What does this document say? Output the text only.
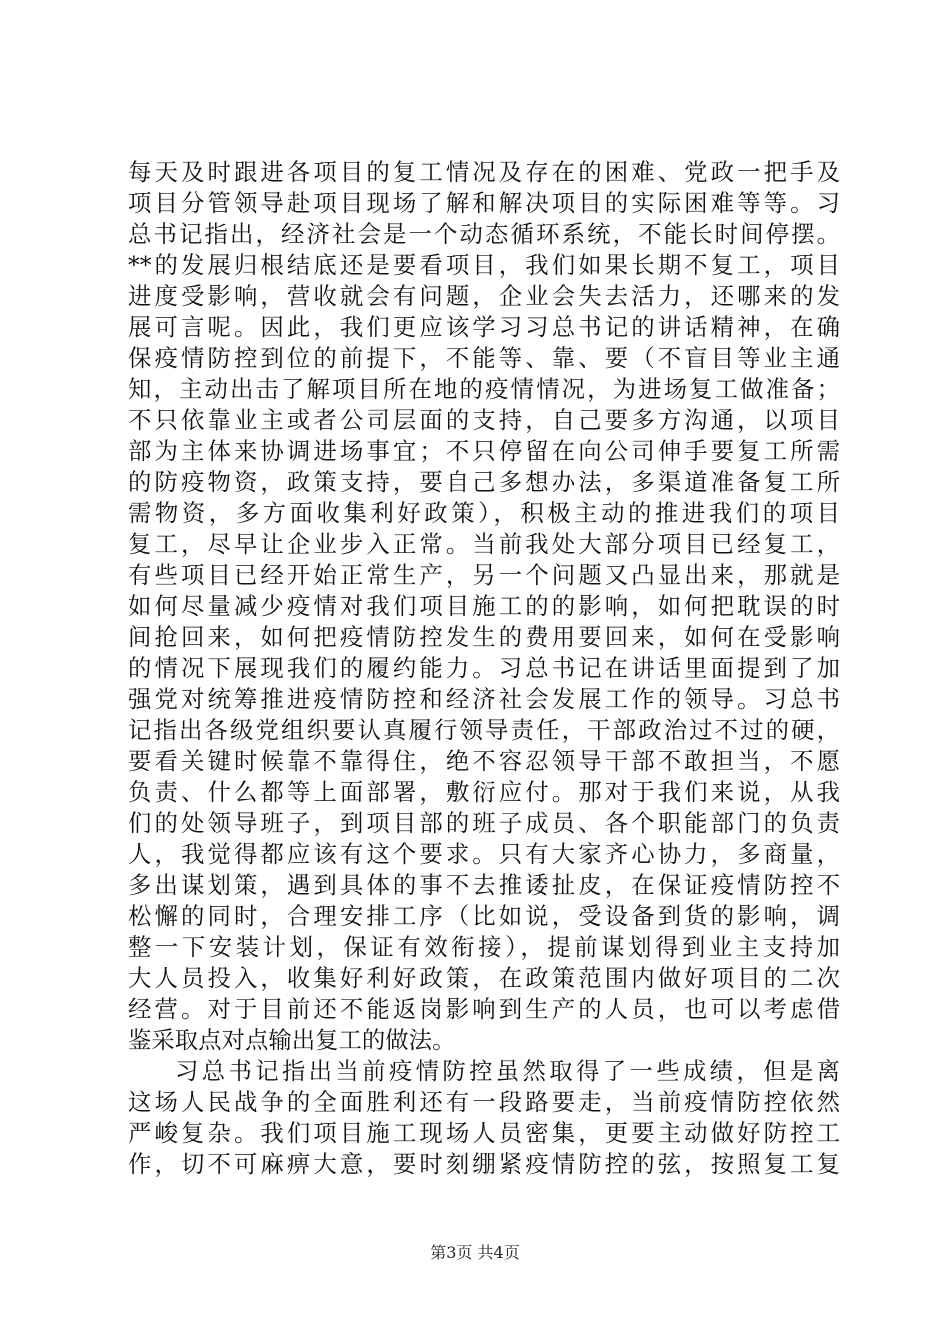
每天及时跟进各项目的复工情况及存在的困难、党政一把手及

项目分管领导赴项目现场了解和解决项目的实际困难等等。习

总书记指出，经济社会是一个动态循环系统，不能长时间停摆。

**的发展归根结底还是要看项目，我们如果长期不复工，项目

进度受影响，营收就会有问题，企业会失去活力，还哪来的发

展可言呢。因此，我们更应该学习习总书记的讲话精神，在确

保疫情防控到位的前提下，不能等、靠、要（不盲目等业主通

知，主动出击了解项目所在地的疫情情况，为进场复工做准备；

不只依靠业主或者公司层面的支持，自己要多方沟通，以项目

部为主体来协调进场事宜；不只停留在向公司伸手要复工所需

的防疫物资，政策支持，要自己多想办法，多渠道准备复工所

需物资，多方面收集利好政策），积极主动的推进我们的项目

复工，尽早让企业步入正常。当前我处大部分项目已经复工，

有些项目已经开始正常生产，另一个问题又凸显出来，那就是

如何尽量减少疫情对我们项目施工的的影响，如何把耽误的时

间抢回来，如何把疫情防控发生的费用要回来，如何在受影响

的情况下展现我们的履约能力。习总书记在讲话里面提到了加

强党对统筹推进疫情防控和经济社会发展工作的领导。习总书

记指出各级党组织要认真履行领导责任，干部政治过不过的硬，

要看关键时候靠不靠得住，绝不容忍领导干部不敢担当，不愿

负责、什么都等上面部署，敷衍应付。那对于我们来说，从我

们的处领导班子，到项目部的班子成员、各个职能部门的负责

人，我觉得都应该有这个要求。只有大家齐心协力，多商量，

多出谋划策，遇到具体的事不去推诿扯皮，在保证疫情防控不

松懈的同时，合理安排工序（比如说，受设备到货的影响，调

整一下安装计划，保证有效衔接），提前谋划得到业主支持加

大人员投入，收集好利好政策，在政策范围内做好项目的二次

经营。对于目前还不能返岗影响到生产的人员，也可以考虑借

鉴采取点对点输出复工的做法。

习总书记指出当前疫情防控虽然取得了一些成绩，但是离

这场人民战争的全面胜利还有一段路要走，当前疫情防控依然

严峻复杂。我们项目施工现场人员密集，更要主动做好防控工

作，切不可麻痹大意，要时刻绷紧疫情防控的弦，按照复工复

第3页 共4页
